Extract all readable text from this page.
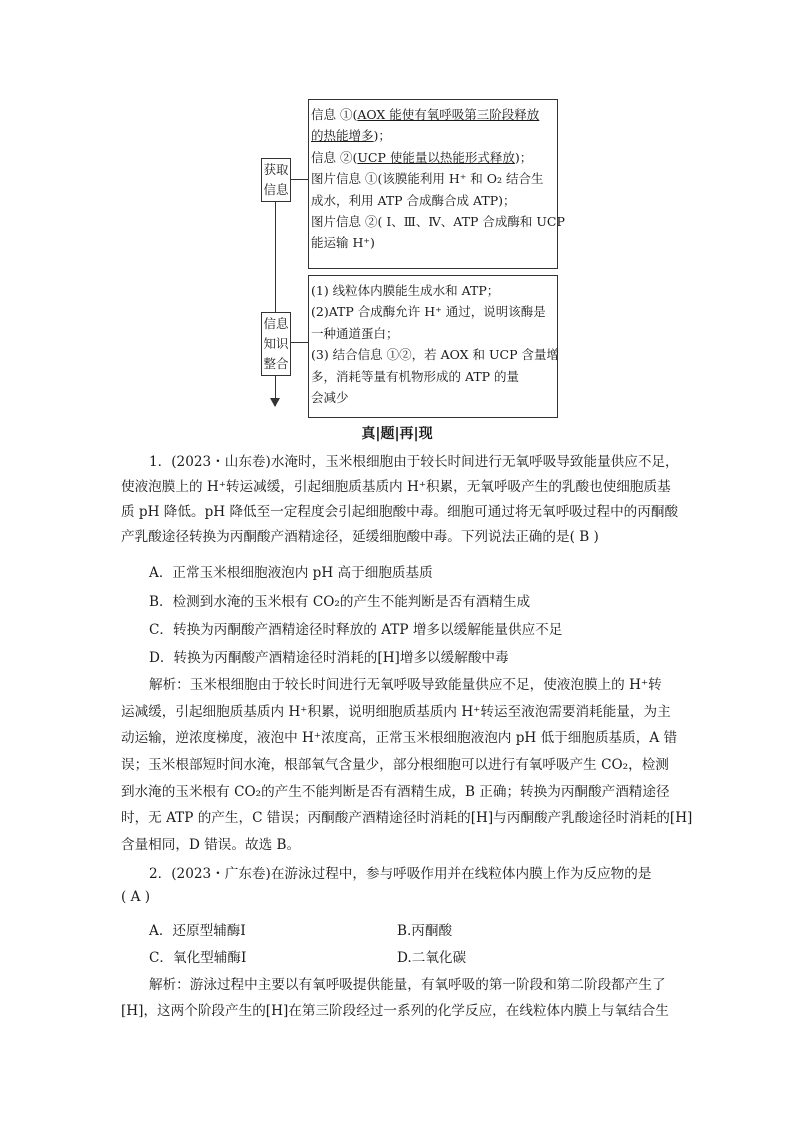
获取
信息
信息 ①(AOX 能使有氧呼吸第三阶段释放
的热能增多)；
信息 ②(UCP 使能量以热能形式释放)；
图片信息 ①(该膜能利用 H⁺ 和 O₂ 结合生
成水，利用 ATP 合成酶合成 ATP)；
图片信息 ②( Ⅰ、Ⅲ、Ⅳ、ATP 合成酶和 UCP
能运输 H⁺)
信息
知识
整合
(1) 线粒体内膜能生成水和 ATP；
(2)ATP 合成酶允许 H⁺ 通过，说明该酶是
一种通道蛋白；
(3) 结合信息 ①②，若 AOX 和 UCP 含量增
多，消耗等量有机物形成的 ATP 的量
会减少
真|题|再|现
1．(2023・山东卷)水淹时，玉米根细胞由于较长时间进行无氧呼吸导致能量供应不足，
使液泡膜上的 H⁺转运减缓，引起细胞质基质内 H⁺积累，无氧呼吸产生的乳酸也使细胞质基
质 pH 降低。pH 降低至一定程度会引起细胞酸中毒。细胞可通过将无氧呼吸过程中的丙酮酸
产乳酸途径转换为丙酮酸产酒精途径，延缓细胞酸中毒。下列说法正确的是( B )
A．正常玉米根细胞液泡内 pH 高于细胞质基质
B．检测到水淹的玉米根有 CO₂的产生不能判断是否有酒精生成
C．转换为丙酮酸产酒精途径时释放的 ATP 增多以缓解能量供应不足
D．转换为丙酮酸产酒精途径时消耗的[H]增多以缓解酸中毒
解析：玉米根细胞由于较长时间进行无氧呼吸导致能量供应不足，使液泡膜上的 H⁺转
运减缓，引起细胞质基质内 H⁺积累，说明细胞质基质内 H⁺转运至液泡需要消耗能量，为主
动运输，逆浓度梯度，液泡中 H⁺浓度高，正常玉米根细胞液泡内 pH 低于细胞质基质，A 错
误；玉米根部短时间水淹，根部氧气含量少，部分根细胞可以进行有氧呼吸产生 CO₂，检测
到水淹的玉米根有 CO₂的产生不能判断是否有酒精生成，B 正确；转换为丙酮酸产酒精途径
时，无 ATP 的产生，C 错误；丙酮酸产酒精途径时消耗的[H]与丙酮酸产乳酸途径时消耗的[H]
含量相同，D 错误。故选 B。
2．(2023・广东卷)在游泳过程中，参与呼吸作用并在线粒体内膜上作为反应物的是
( A )
A．还原型辅酶Ⅰ	B.丙酮酸
C．氧化型辅酶Ⅰ	D.二氧化碳
解析：游泳过程中主要以有氧呼吸提供能量，有氧呼吸的第一阶段和第二阶段都产生了
[H]，这两个阶段产生的[H]在第三阶段经过一系列的化学反应，在线粒体内膜上与氧结合生
